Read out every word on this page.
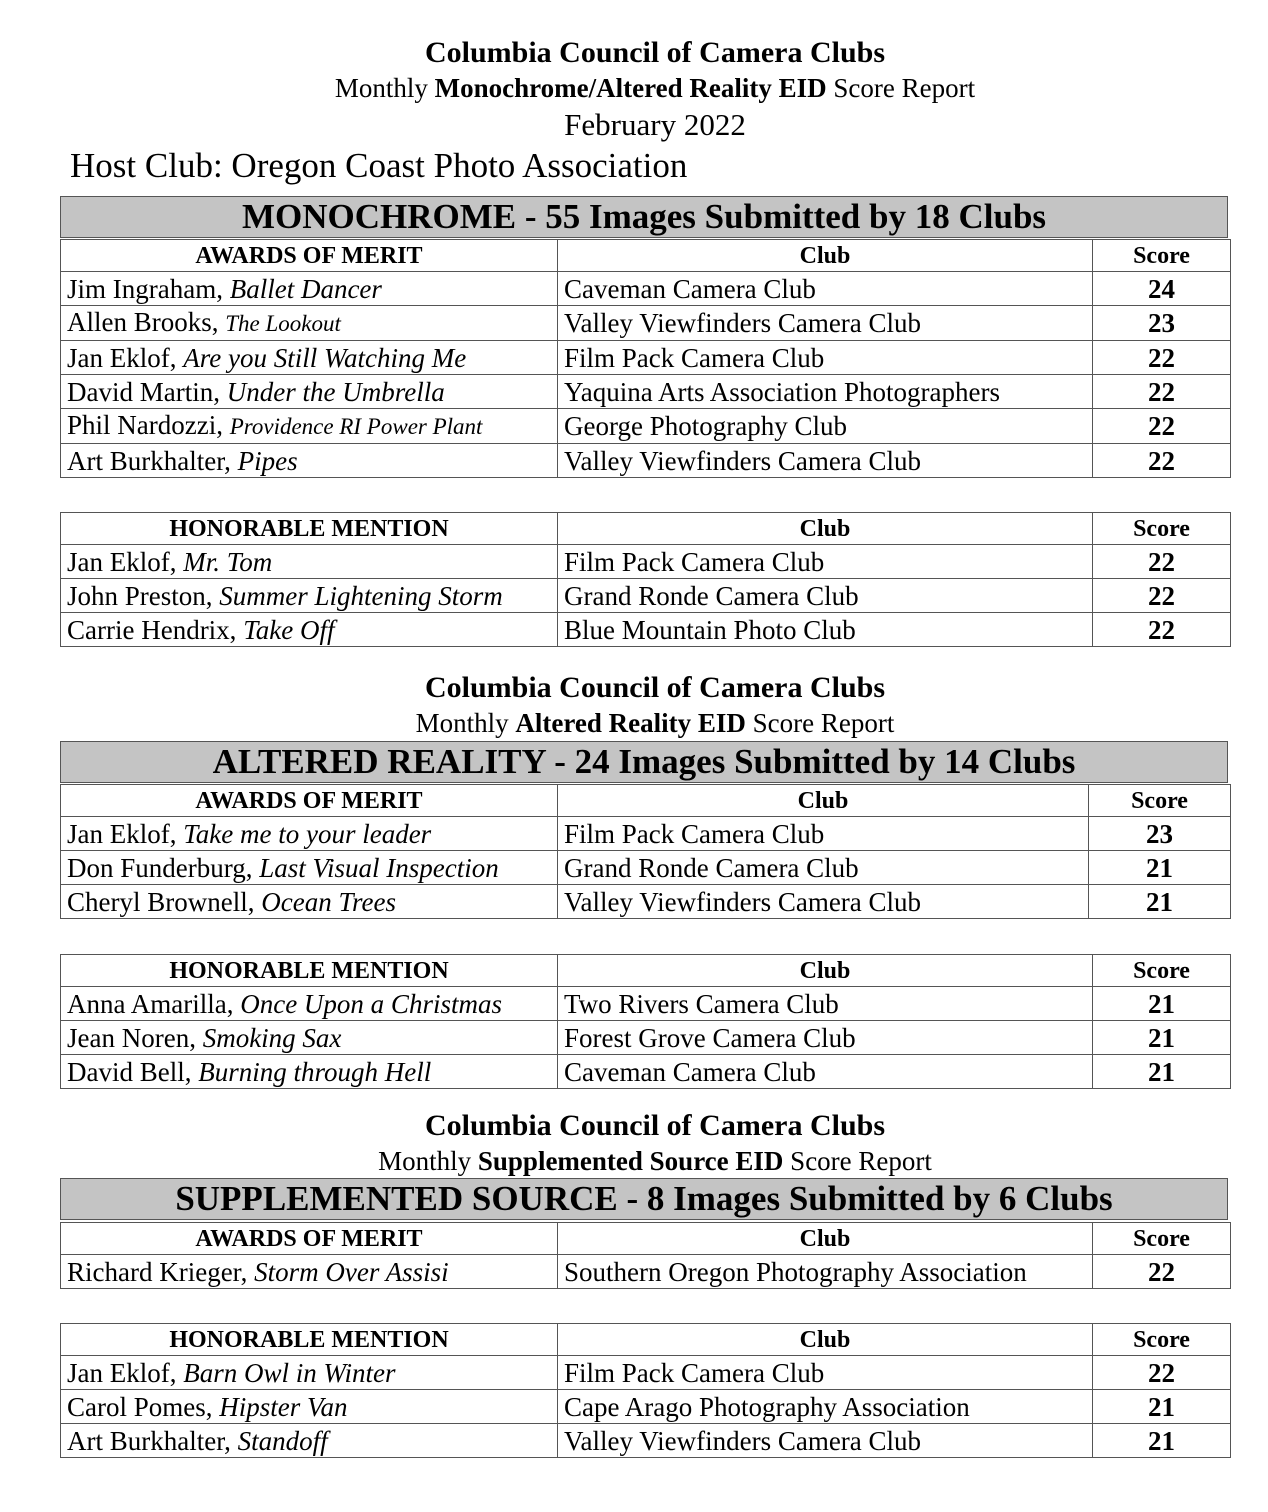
Columbia Council of Camera Clubs
Monthly Monochrome/Altered Reality EID Score Report
February 2022
Host Club: Oregon Coast Photo Association
MONOCHROME - 55 Images Submitted by 18 Clubs
AWARDS OF MERIT	Club	Score
Jim Ingraham, Ballet Dancer	Caveman Camera Club	24
Allen Brooks, The Lookout	Valley Viewfinders Camera Club	23
Jan Eklof, Are you Still Watching Me	Film Pack Camera Club	22
David Martin, Under the Umbrella	Yaquina Arts Association Photographers	22
Phil Nardozzi, Providence RI Power Plant	George Photography Club	22
Art Burkhalter, Pipes	Valley Viewfinders Camera Club	22
HONORABLE MENTION	Club	Score
Jan Eklof, Mr. Tom	Film Pack Camera Club	22
John Preston, Summer Lightening Storm	Grand Ronde Camera Club	22
Carrie Hendrix, Take Off	Blue Mountain Photo Club	22
Columbia Council of Camera Clubs
Monthly Altered Reality EID Score Report
ALTERED REALITY - 24 Images Submitted by 14 Clubs
AWARDS OF MERIT	Club	Score
Jan Eklof, Take me to your leader	Film Pack Camera Club	23
Don Funderburg, Last Visual Inspection	Grand Ronde Camera Club	21
Cheryl Brownell, Ocean Trees	Valley Viewfinders Camera Club	21
HONORABLE MENTION	Club	Score
Anna Amarilla, Once Upon a Christmas	Two Rivers Camera Club	21
Jean Noren, Smoking Sax	Forest Grove Camera Club	21
David Bell, Burning through Hell	Caveman Camera Club	21
Columbia Council of Camera Clubs
Monthly Supplemented Source EID Score Report
SUPPLEMENTED SOURCE - 8 Images Submitted by 6 Clubs
AWARDS OF MERIT	Club	Score
Richard Krieger, Storm Over Assisi	Southern Oregon Photography Association	22
HONORABLE MENTION	Club	Score
Jan Eklof, Barn Owl in Winter	Film Pack Camera Club	22
Carol Pomes, Hipster Van	Cape Arago Photography Association	21
Art Burkhalter, Standoff	Valley Viewfinders Camera Club	21
